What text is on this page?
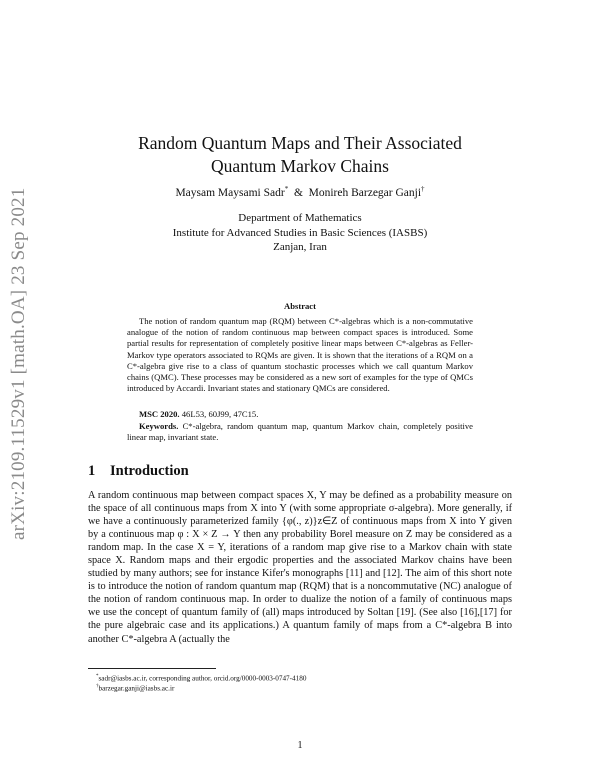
arXiv:2109.11529v1 [math.OA] 23 Sep 2021
Random Quantum Maps and Their Associated
Quantum Markov Chains
Maysam Maysami Sadr* & Monireh Barzegar Ganji†
Department of Mathematics
Institute for Advanced Studies in Basic Sciences (IASBS)
Zanjan, Iran
Abstract

The notion of random quantum map (RQM) between C*-algebras which is a non-commutative analogue of the notion of random continuous map between compact spaces is introduced. Some partial results for representation of completely positive linear maps between C*-algebras as Feller-Markov type operators associated to RQMs are given. It is shown that the iterations of a RQM on a C*-algebra give rise to a class of quantum stochastic processes which we call quantum Markov chains (QMC). These processes may be considered as a new sort of examples for the type of QMCs introduced by Accardi. Invariant states and stationary QMCs are considered.

MSC 2020. 46L53, 60J99, 47C15.

Keywords. C*-algebra, random quantum map, quantum Markov chain, completely positive linear map, invariant state.

1 Introduction

A random continuous map between compact spaces X, Y may be defined as a probability measure on the space of all continuous maps from X into Y (with some appropriate σ-algebra). More generally, if we have a continuously parameterized family {φ(., z)}z∈Z of continuous maps from X into Y given by a continuous map φ : X × Z → Y then any probability Borel measure on Z may be considered as a random map. In the case X = Y, iterations of a random map give rise to a Markov chain with state space X. Random maps and their ergodic properties and the associated Markov chains have been studied by many authors; see for instance Kifer's monographs [11] and [12]. The aim of this short note is to introduce the notion of random quantum map (RQM) that is a noncommutative (NC) analogue of the notion of random continuous map. In order to dualize the notion of a family of continuous maps we use the concept of quantum family of (all) maps introduced by Soltan [19]. (See also [16],[17] for the pure algebraic case and its applications.) A quantum family of maps from a C*-algebra B into another C*-algebra A (actually the

*sadr@iasbs.ac.ir, corresponding author, orcid.org/0000-0003-0747-4180

†barzegar.ganji@iasbs.ac.ir

1
